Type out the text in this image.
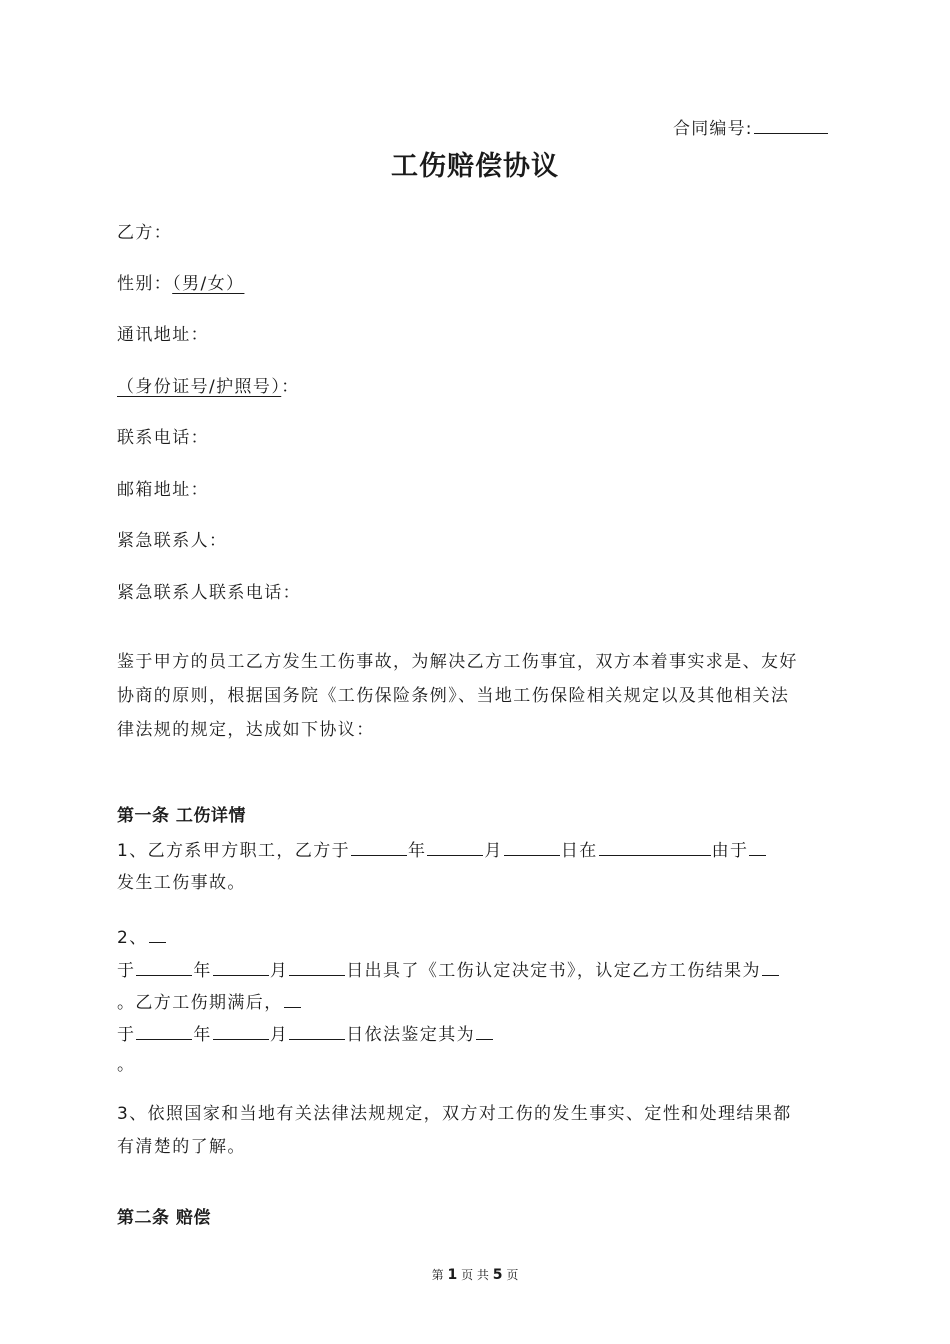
合同编号:
工伤赔偿协议
乙方：
性别：（男/女）
通讯地址：
（身份证号/护照号）：
联系电话：
邮箱地址：
紧急联系人：
紧急联系人联系电话：
鉴于甲方的员工乙方发生工伤事故，为解决乙方工伤事宜，双方本着事实求是、友好
协商的原则，根据国务院《工伤保险条例》、当地工伤保险相关规定以及其他相关法
律法规的规定，达成如下协议：
第一条 工伤详情
1、乙方系甲方职工，乙方于	年	月	日在	由于
发生工伤事故。
2、
于	年	月	日出具了《工伤认定决定书》，认定乙方工伤结果为
。乙方工伤期满后，
于	年	月	日依法鉴定其为
。
3、依照国家和当地有关法律法规规定，双方对工伤的发生事实、定性和处理结果都
有清楚的了解。
第二条 赔偿
第 1 页 共 5 页
